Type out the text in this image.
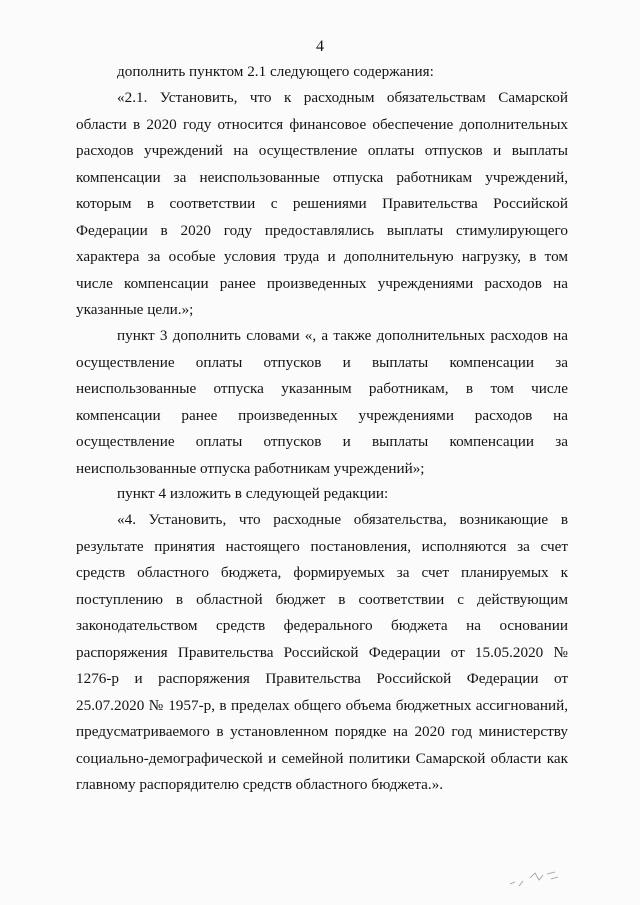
4
дополнить пунктом 2.1 следующего содержания:
«2.1. Установить, что к расходным обязательствам Самарской области в 2020 году относится финансовое обеспечение дополнительных расходов учреждений на осуществление оплаты отпусков и выплаты компенсации за неиспользованные отпуска работникам учреждений, которым в соответствии с решениями Правительства Российской Федерации в 2020 году предоставлялись выплаты стимулирующего характера за особые условия труда и дополнительную нагрузку, в том числе компенсации ранее произведенных учреждениями расходов на указанные цели.»;
пункт 3 дополнить словами «, а также дополнительных расходов на осуществление оплаты отпусков и выплаты компенсации за неиспользованные отпуска указанным работникам, в том числе компенсации ранее произведенных учреждениями расходов на осуществление оплаты отпусков и выплаты компенсации за неиспользованные отпуска работникам учреждений»;
пункт 4 изложить в следующей редакции:
«4. Установить, что расходные обязательства, возникающие в результате принятия настоящего постановления, исполняются за счет средств областного бюджета, формируемых за счет планируемых к поступлению в областной бюджет в соответствии с действующим законодательством средств федерального бюджета на основании распоряжения Правительства Российской Федерации от 15.05.2020 № 1276-р и распоряжения Правительства Российской Федерации от 25.07.2020 № 1957-р, в пределах общего объема бюджетных ассигнований, предусматриваемого в установленном порядке на 2020 год министерству социально-демографической и семейной политики Самарской области как главному распорядителю средств областного бюджета.».
